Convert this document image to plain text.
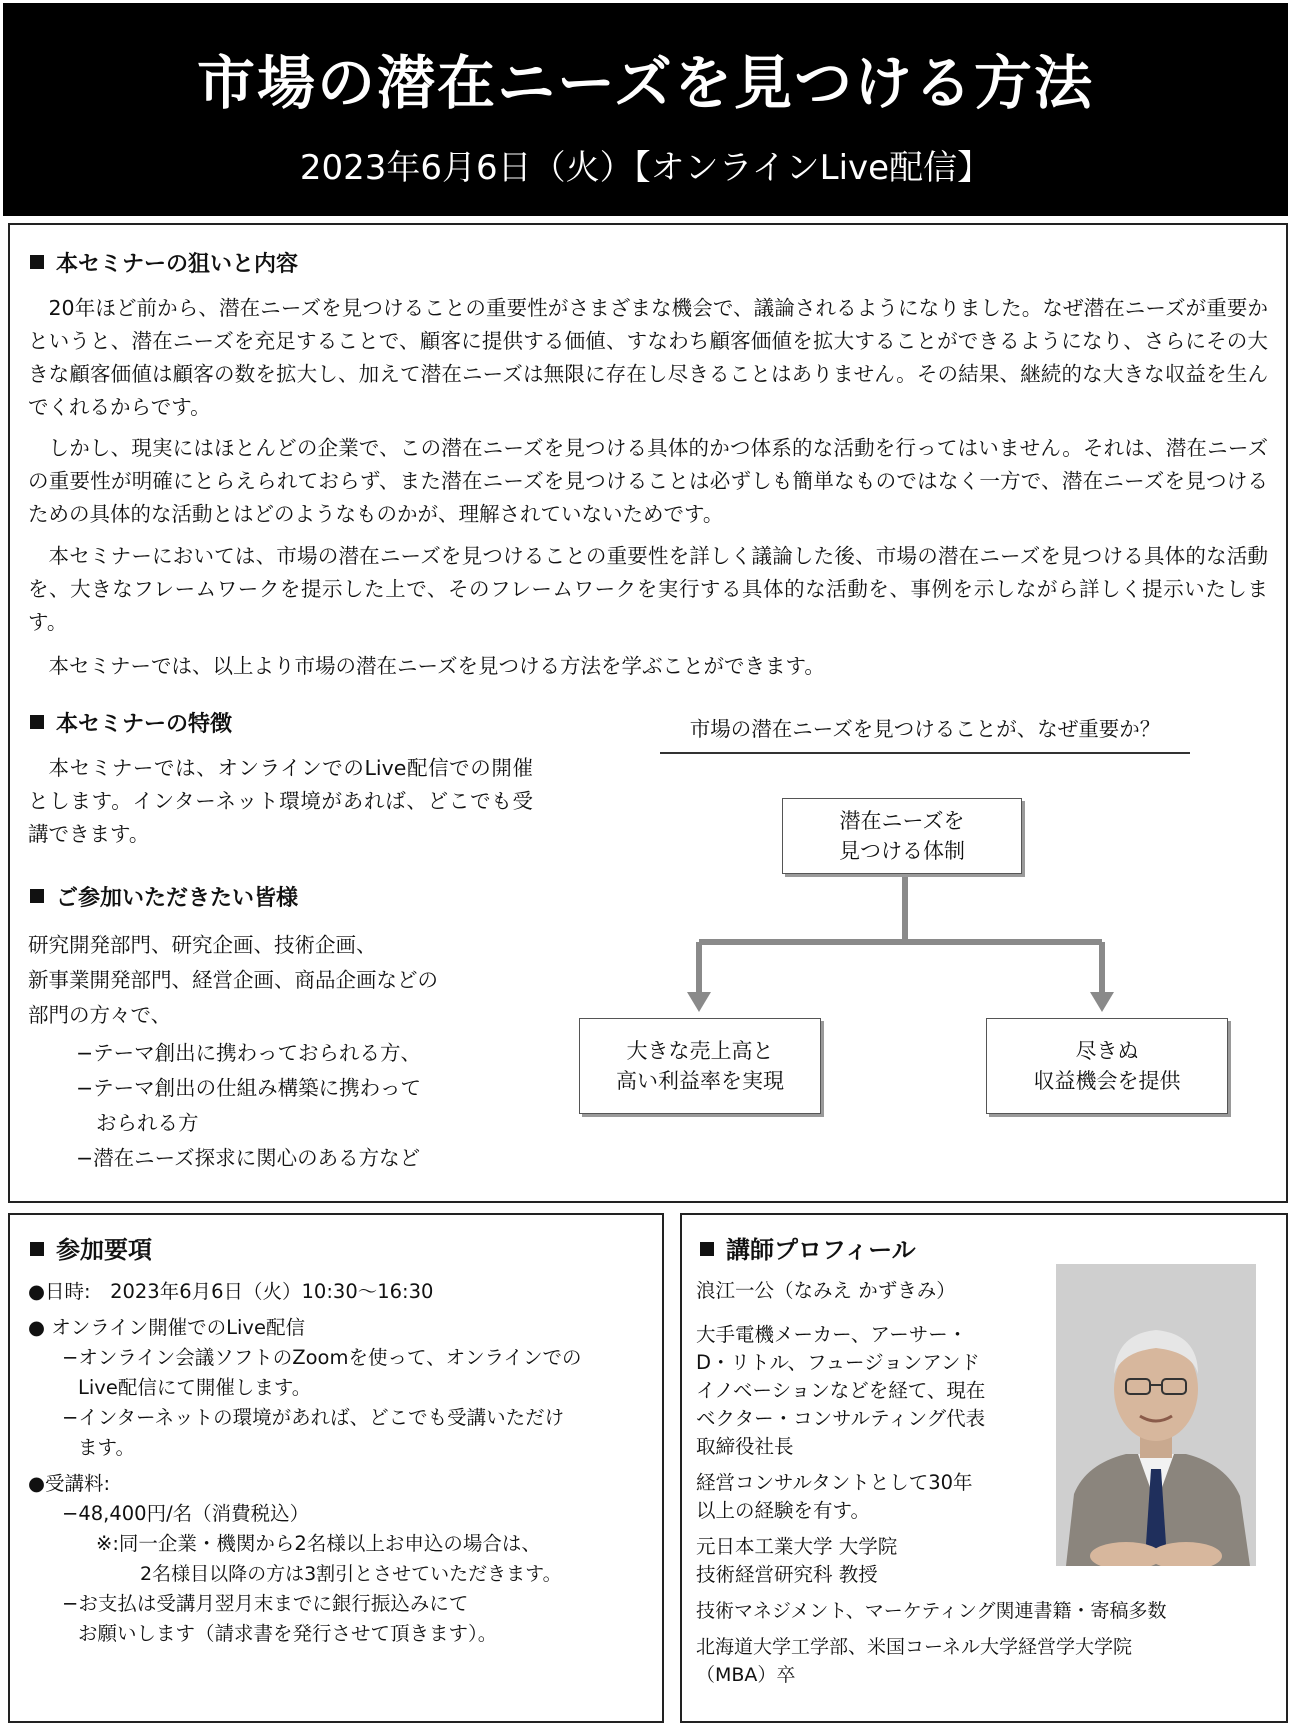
市場の潜在ニーズを見つける方法
2023年6月6日（火）【オンラインLive配信】
本セミナーの狙いと内容
20年ほど前から、潜在ニーズを見つけることの重要性がさまざまな機会で、議論されるようになりました。なぜ潜在ニーズが重要かというと、潜在ニーズを充足することで、顧客に提供する価値、すなわち顧客価値を拡大することができるようになり、さらにその大きな顧客価値は顧客の数を拡大し、加えて潜在ニーズは無限に存在し尽きることはありません。その結果、継続的な大きな収益を生んでくれるからです。
しかし、現実にはほとんどの企業で、この潜在ニーズを見つける具体的かつ体系的な活動を行ってはいません。それは、潜在ニーズの重要性が明確にとらえられておらず、また潜在ニーズを見つけることは必ずしも簡単なものではなく一方で、潜在ニーズを見つけるための具体的な活動とはどのようなものかが、理解されていないためです。
本セミナーにおいては、市場の潜在ニーズを見つけることの重要性を詳しく議論した後、市場の潜在ニーズを見つける具体的な活動を、大きなフレームワークを提示した上で、そのフレームワークを実行する具体的な活動を、事例を示しながら詳しく提示いたします。
本セミナーでは、以上より市場の潜在ニーズを見つける方法を学ぶことができます。
本セミナーの特徴
本セミナーでは、オンラインでのLive配信での開催とします。インターネット環境があれば、どこでも受講できます。
ご参加いただきたい皆様
研究開発部門、研究企画、技術企画、
新事業開発部門、経営企画、商品企画などの
部門の方々で、
−テーマ創出に携わっておられる方、
−テーマ創出の仕組み構築に携わって
おられる方
−潜在ニーズ探求に関心のある方など
市場の潜在ニーズを見つけることが、なぜ重要か？
潜在ニーズを
見つける体制
大きな売上高と
高い利益率を実現
尽きぬ
収益機会を提供
参加要項

●日時:　2023年6月6日（火）10:30〜16:30

● オンライン開催でのLive配信

−オンライン会議ソフトのZoomを使って、オンラインでの

Live配信にて開催します。

−インターネットの環境があれば、どこでも受講いただけ

ます。

●受講料:

−48,400円/名（消費税込）

※:同一企業・機関から2名様以上お申込の場合は、

2名様目以降の方は3割引とさせていただきます。

−お支払は受講月翌月末までに銀行振込みにて

お願いします（請求書を発行させて頂きます）。

講師プロフィール

浪江一公（なみえ かずきみ）

大手電機メーカー、アーサー・
D・リトル、フュージョンアンド
イノベーションなどを経て、現在
ベクター・コンサルティング代表
取締役社長

経営コンサルタントとして30年
以上の経験を有す。

元日本工業大学 大学院
技術経営研究科 教授

技術マネジメント、マーケティング関連書籍・寄稿多数

北海道大学工学部、米国コーネル大学経営学大学院
（MBA）卒
